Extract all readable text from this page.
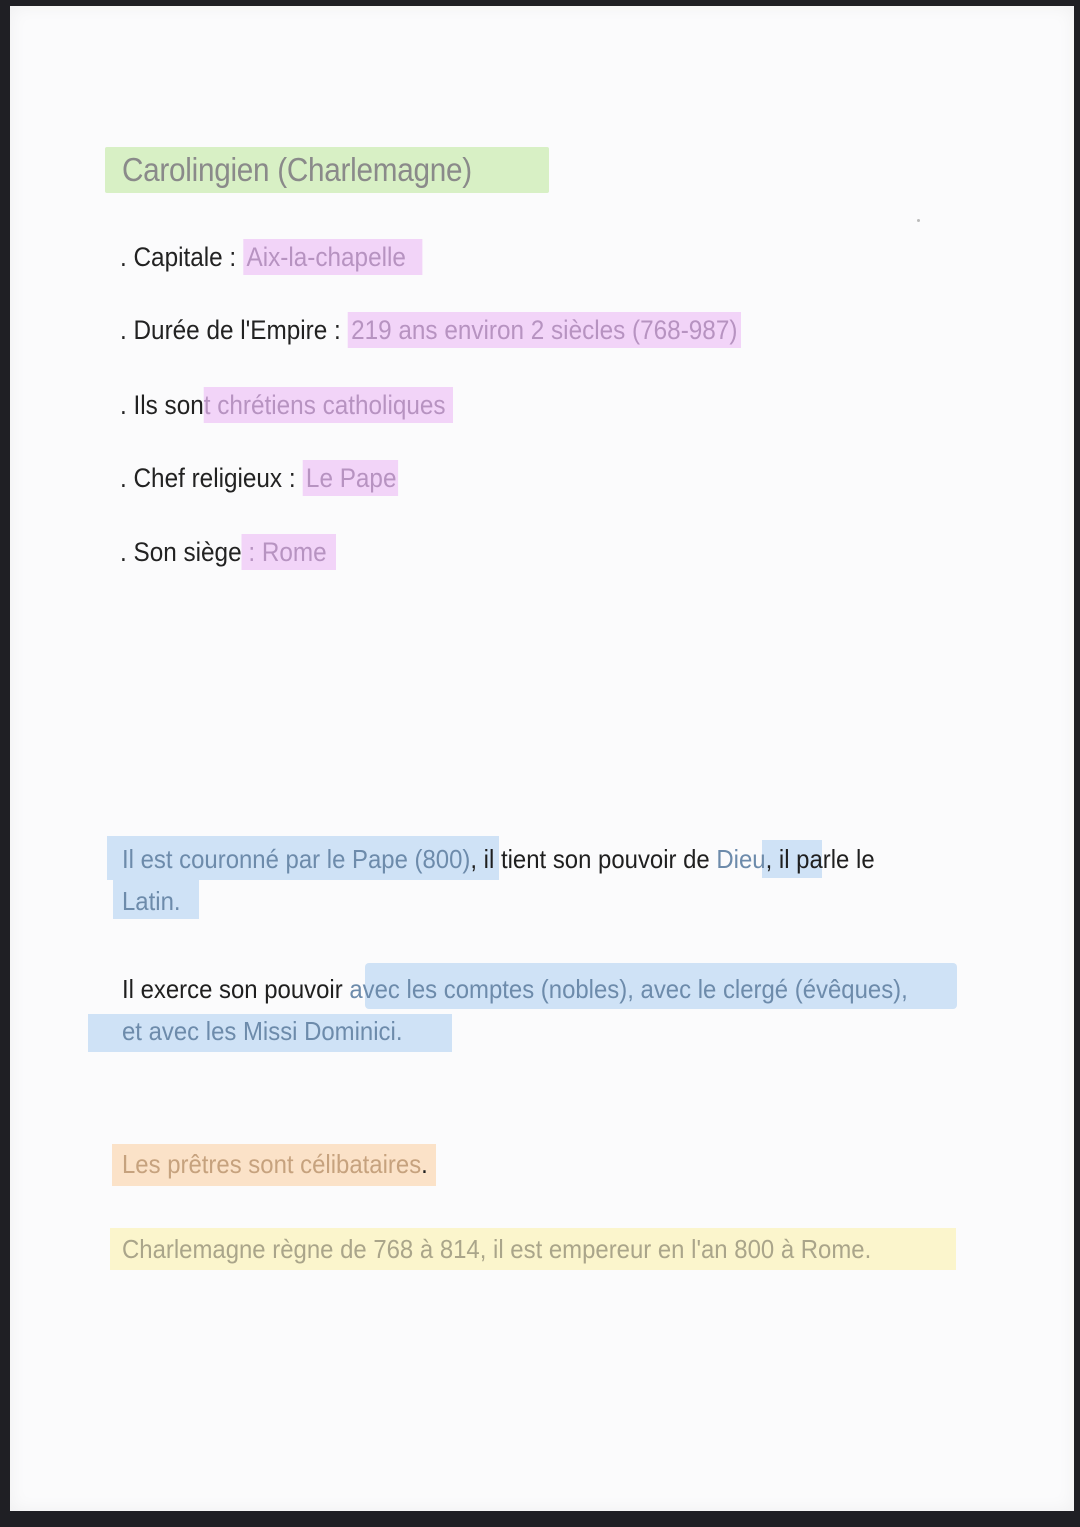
Carolingien (Charlemagne)
. Capitale : Aix-la-chapelle
. Durée de l'Empire : 219 ans environ 2 siècles (768-987)
. Ils sont chrétiens catholiques
. Chef religieux : Le Pape
. Son siège : Rome
Il est couronné par le Pape (800), il tient son pouvoir de Dieu, il parle le
Latin.
Il exerce son pouvoir avec les comptes (nobles), avec le clergé (évêques),
et avec les Missi Dominici.
Les prêtres sont célibataires.
Charlemagne règne de 768 à 814, il est empereur en l'an 800 à Rome.
